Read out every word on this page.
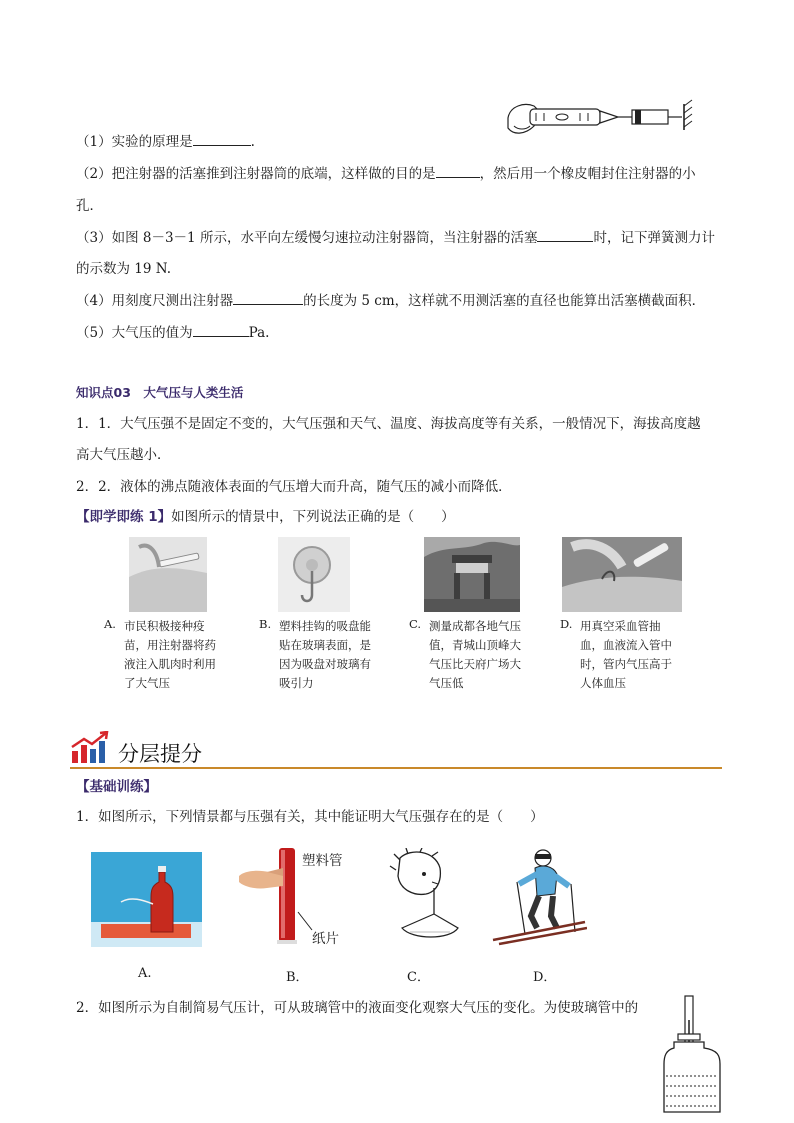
（1）实验的原理是	.
（2）把注射器的活塞推到注射器筒的底端，这样做的目的是	，然后用一个橡皮帽封住注射器的小
孔．
（3）如图 8－3－1 所示，水平向左缓慢匀速拉动注射器筒，当注射器的活塞	时，记下弹簧测力计
的示数为 19 N.
（4）用刻度尺测出注射器	的长度为 5 cm，这样就不用测活塞的直径也能算出活塞横截面积．
（5）大气压的值为	Pa.
知识点03　大气压与人类生活
1．1．大气压强不是固定不变的，大气压强和天气、温度、海拔高度等有关系，一般情况下，海拔高度越
高大气压越小．
2．2．液体的沸点随液体表面的气压增大而升高，随气压的减小而降低．
【即学即练 1】如图所示的情景中，下列说法正确的是（　　）
A. 市民积极接种疫
苗，用注射器将药
液注入肌肉时利用
了大气压
B. 塑料挂钩的吸盘能
贴在玻璃表面，是
因为吸盘对玻璃有
吸引力
C. 测量成都各地气压
值，青城山顶峰大
气压比天府广场大
气压低
D. 用真空采血管抽
血，血液流入管中
时，管内气压高于
人体血压
分层提分
【基础训练】
1．如图所示，下列情景都与压强有关，其中能证明大气压强存在的是（　　）
塑料管
纸片
A.	B．	C．	D．
2．如图所示为自制简易气压计，可从玻璃管中的液面变化观察大气压的变化。为使玻璃管中的
